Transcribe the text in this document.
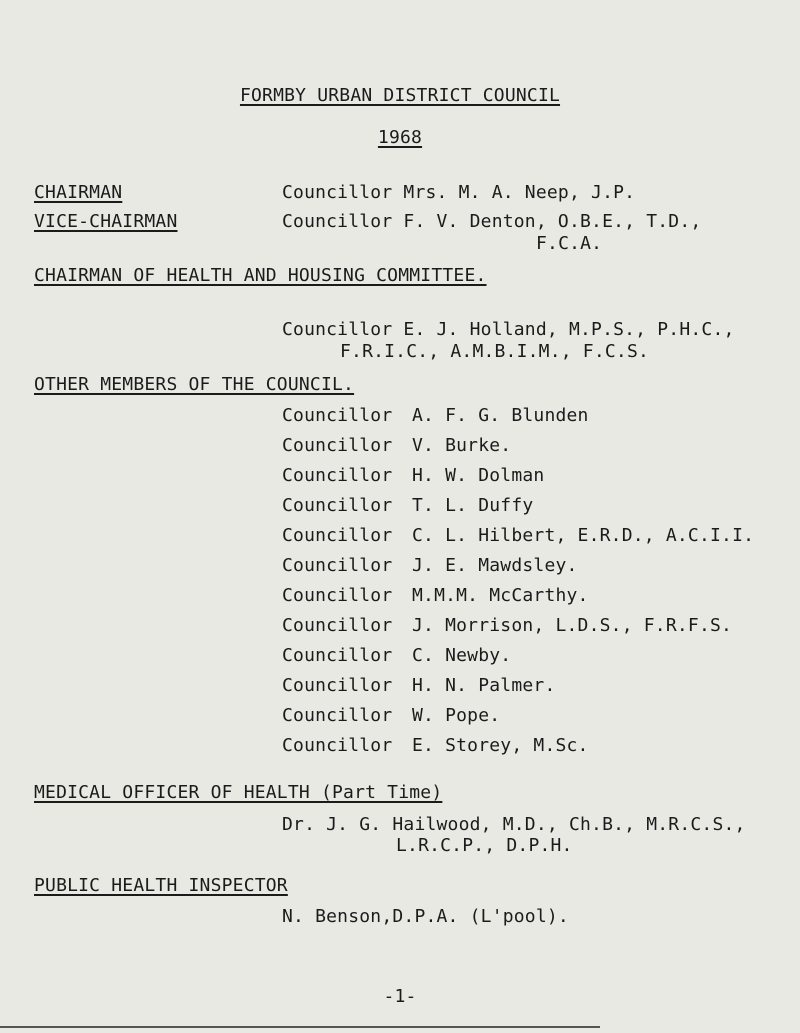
FORMBY URBAN DISTRICT COUNCIL
1968
CHAIRMAN	Councillor Mrs. M. A. Neep, J.P.
VICE-CHAIRMAN	Councillor F. V. Denton, O.B.E., T.D.,
F.C.A.
CHAIRMAN OF HEALTH AND HOUSING COMMITTEE.
Councillor E. J. Holland, M.P.S., P.H.C.,
F.R.I.C., A.M.B.I.M., F.C.S.
OTHER MEMBERS OF THE COUNCIL.
Councillor A. F. G. Blunden
Councillor V. Burke.
Councillor H. W. Dolman
Councillor T. L. Duffy
Councillor C. L. Hilbert, E.R.D., A.C.I.I.
Councillor J. E. Mawdsley.
Councillor M.M.M. McCarthy.
Councillor J. Morrison, L.D.S., F.R.F.S.
Councillor C. Newby.
Councillor H. N. Palmer.
Councillor W. Pope.
Councillor E. Storey, M.Sc.
MEDICAL OFFICER OF HEALTH (Part Time)
Dr. J. G. Hailwood, M.D., Ch.B., M.R.C.S.,
L.R.C.P., D.P.H.
PUBLIC HEALTH INSPECTOR
N. Benson,D.P.A. (L'pool).
-1-
